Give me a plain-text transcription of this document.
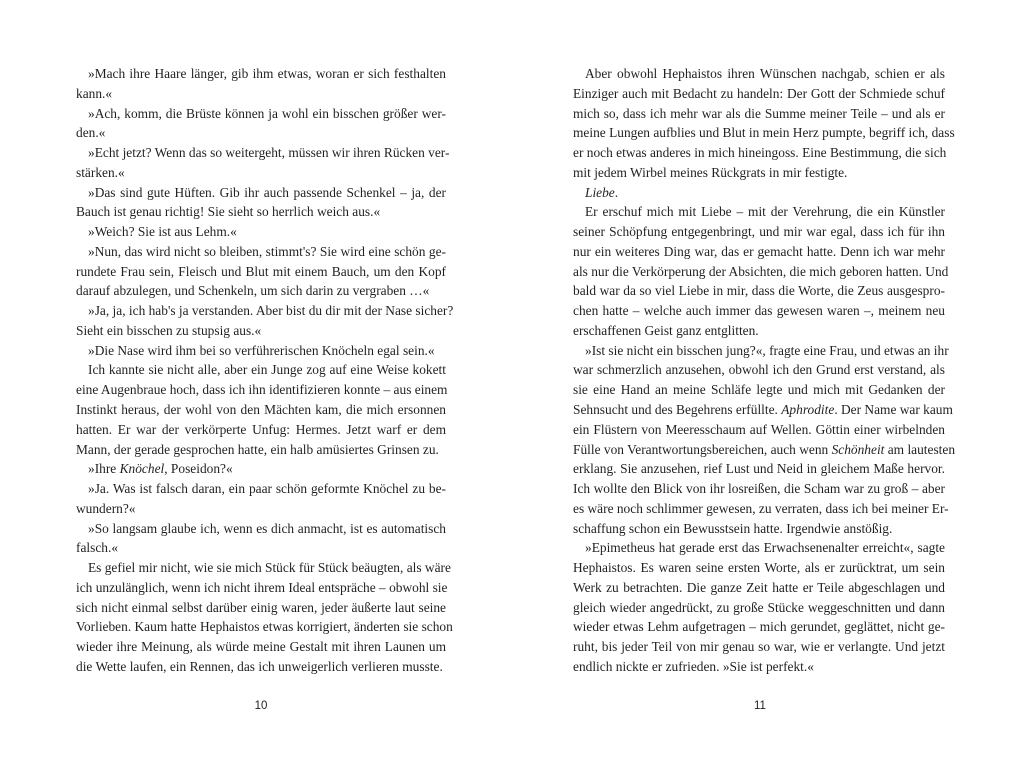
»Mach ihre Haare länger, gib ihm etwas, woran er sich festhalten
kann.«
»Ach, komm, die Brüste können ja wohl ein bisschen größer wer-
den.«
»Echt jetzt? Wenn das so weitergeht, müssen wir ihren Rücken ver-
stärken.«
»Das sind gute Hüften. Gib ihr auch passende Schenkel – ja, der
Bauch ist genau richtig! Sie sieht so herrlich weich aus.«
»Weich? Sie ist aus Lehm.«
»Nun, das wird nicht so bleiben, stimmt's? Sie wird eine schön ge-
rundete Frau sein, Fleisch und Blut mit einem Bauch, um den Kopf
darauf abzulegen, und Schenkeln, um sich darin zu vergraben …«
»Ja, ja, ich hab's ja verstanden. Aber bist du dir mit der Nase sicher?
Sieht ein bisschen zu stupsig aus.«
»Die Nase wird ihm bei so verführerischen Knöcheln egal sein.«
Ich kannte sie nicht alle, aber ein Junge zog auf eine Weise kokett
eine Augenbraue hoch, dass ich ihn identifizieren konnte – aus einem
Instinkt heraus, der wohl von den Mächten kam, die mich ersonnen
hatten. Er war der verkörperte Unfug: Hermes. Jetzt warf er dem
Mann, der gerade gesprochen hatte, ein halb amüsiertes Grinsen zu.
»Ihre Knöchel, Poseidon?«
»Ja. Was ist falsch daran, ein paar schön geformte Knöchel zu be-
wundern?«
»So langsam glaube ich, wenn es dich anmacht, ist es automatisch
falsch.«
Es gefiel mir nicht, wie sie mich Stück für Stück beäugten, als wäre
ich unzulänglich, wenn ich nicht ihrem Ideal entspräche – obwohl sie
sich nicht einmal selbst darüber einig waren, jeder äußerte laut seine
Vorlieben. Kaum hatte Hephaistos etwas korrigiert, änderten sie schon
wieder ihre Meinung, als würde meine Gestalt mit ihren Launen um
die Wette laufen, ein Rennen, das ich unweigerlich verlieren musste.
Aber obwohl Hephaistos ihren Wünschen nachgab, schien er als
Einziger auch mit Bedacht zu handeln: Der Gott der Schmiede schuf
mich so, dass ich mehr war als die Summe meiner Teile – und als er
meine Lungen aufblies und Blut in mein Herz pumpte, begriff ich, dass
er noch etwas anderes in mich hineingoss. Eine Bestimmung, die sich
mit jedem Wirbel meines Rückgrats in mir festigte.
Liebe.
Er erschuf mich mit Liebe – mit der Verehrung, die ein Künstler
seiner Schöpfung entgegenbringt, und mir war egal, dass ich für ihn
nur ein weiteres Ding war, das er gemacht hatte. Denn ich war mehr
als nur die Verkörperung der Absichten, die mich geboren hatten. Und
bald war da so viel Liebe in mir, dass die Worte, die Zeus ausgespro-
chen hatte – welche auch immer das gewesen waren –, meinem neu
erschaffenen Geist ganz entglitten.
»Ist sie nicht ein bisschen jung?«, fragte eine Frau, und etwas an ihr
war schmerzlich anzusehen, obwohl ich den Grund erst verstand, als
sie eine Hand an meine Schläfe legte und mich mit Gedanken der
Sehnsucht und des Begehrens erfüllte. Aphrodite. Der Name war kaum
ein Flüstern von Meeresschaum auf Wellen. Göttin einer wirbelnden
Fülle von Verantwortungsbereichen, auch wenn Schönheit am lautesten
erklang. Sie anzusehen, rief Lust und Neid in gleichem Maße hervor.
Ich wollte den Blick von ihr losreißen, die Scham war zu groß – aber
es wäre noch schlimmer gewesen, zu verraten, dass ich bei meiner Er-
schaffung schon ein Bewusstsein hatte. Irgendwie anstößig.
»Epimetheus hat gerade erst das Erwachsenenalter erreicht«, sagte
Hephaistos. Es waren seine ersten Worte, als er zurücktrat, um sein
Werk zu betrachten. Die ganze Zeit hatte er Teile abgeschlagen und
gleich wieder angedrückt, zu große Stücke weggeschnitten und dann
wieder etwas Lehm aufgetragen – mich gerundet, geglättet, nicht ge-
ruht, bis jeder Teil von mir genau so war, wie er verlangte. Und jetzt
endlich nickte er zufrieden. »Sie ist perfekt.«
10	11
